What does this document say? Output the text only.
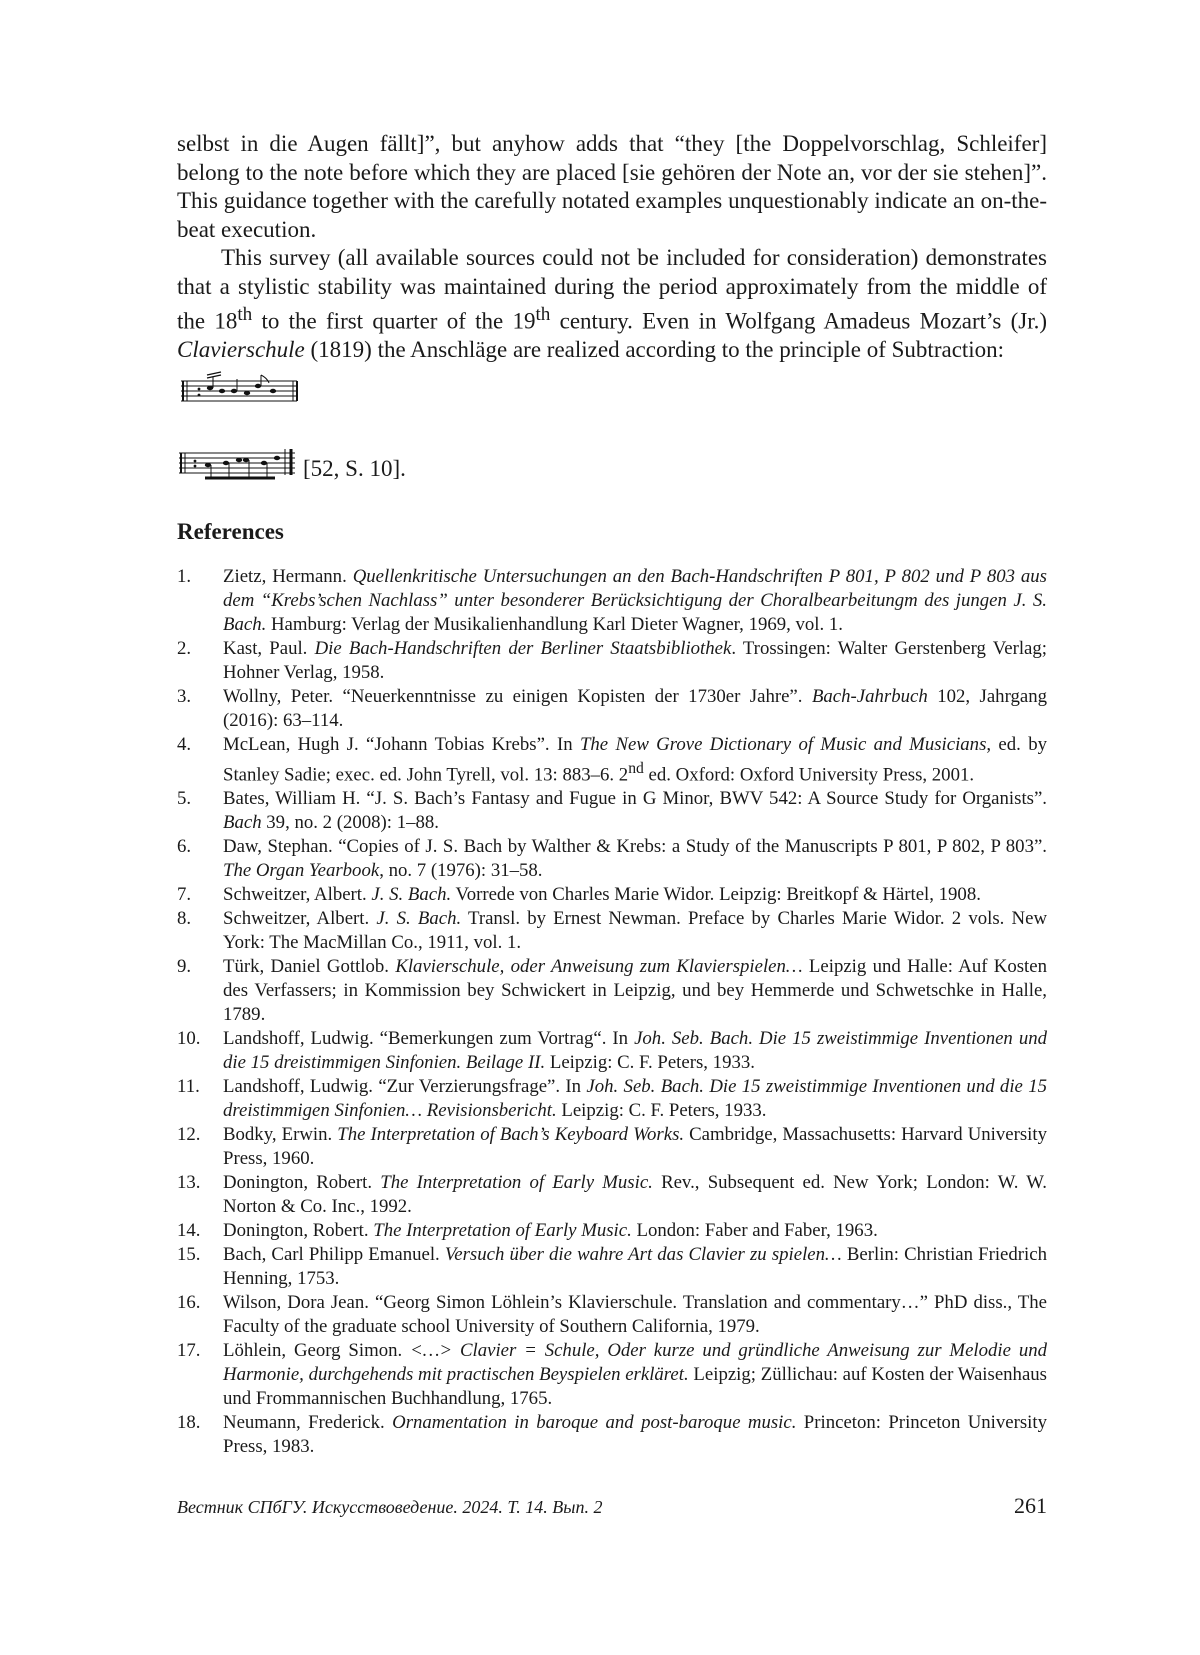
selbst in die Augen fällt]”, but anyhow adds that “they [the Doppelvorschlag, Schleifer] belong to the note before which they are placed [sie gehören der Note an, vor der sie stehen]”. This guidance together with the carefully notated examples unquestionably indicate an on-the-beat execution.

This survey (all available sources could not be included for consideration) demonstrates that a stylistic stability was maintained during the period approximately from the middle of the 18th to the first quarter of the 19th century. Even in Wolfgang Amadeus Mozart’s (Jr.) Clavierschule (1819) the Anschläge are realized according to the principle of Subtraction:

[52, S. 10].
References
1.	Zietz, Hermann. Quellenkritische Untersuchungen an den Bach-Handschriften P 801, P 802 und P 803 aus dem “Krebs’schen Nachlass” unter besonderer Berücksichtigung der Choralbearbeitungm des jungen J. S. Bach. Hamburg: Verlag der Musikalienhandlung Karl Dieter Wagner, 1969, vol. 1.
2.	Kast, Paul. Die Bach-Handschriften der Berliner Staatsbibliothek. Trossingen: Walter Gerstenberg Verlag; Hohner Verlag, 1958.
3.	Wollny, Peter. “Neuerkenntnisse zu einigen Kopisten der 1730er Jahre”. Bach-Jahrbuch 102, Jahrgang (2016): 63–114.
4.	McLean, Hugh J. “Johann Tobias Krebs”. In The New Grove Dictionary of Music and Musicians, ed. by Stanley Sadie; exec. ed. John Tyrell, vol. 13: 883–6. 2nd ed. Oxford: Oxford University Press, 2001.
5.	Bates, William H. “J. S. Bach’s Fantasy and Fugue in G Minor, BWV 542: A Source Study for Organists”. Bach 39, no. 2 (2008): 1–88.
6.	Daw, Stephan. “Copies of J. S. Bach by Walther & Krebs: a Study of the Manuscripts P 801, P 802, P 803”. The Organ Yearbook, no. 7 (1976): 31–58.
7.	Schweitzer, Albert. J. S. Bach. Vorrede von Charles Marie Widor. Leipzig: Breitkopf & Härtel, 1908.
8.	Schweitzer, Albert. J. S. Bach. Transl. by Ernest Newman. Preface by Charles Marie Widor. 2 vols. New York: The MacMillan Co., 1911, vol. 1.
9.	Türk, Daniel Gottlob. Klavierschule, oder Anweisung zum Klavierspielen… Leipzig und Halle: Auf Kosten des Verfassers; in Kommission bey Schwickert in Leipzig, und bey Hemmerde und Schwetschke in Halle, 1789.
10.	Landshoff, Ludwig. “Bemerkungen zum Vortrag“. In Joh. Seb. Bach. Die 15 zweistimmige Inventionen und die 15 dreistimmigen Sinfonien. Beilage II. Leipzig: C. F. Peters, 1933.
11.	Landshoff, Ludwig. “Zur Verzierungsfrage”. In Joh. Seb. Bach. Die 15 zweistimmige Inventionen und die 15 dreistimmigen Sinfonien… Revisionsbericht. Leipzig: C. F. Peters, 1933.
12.	Bodky, Erwin. The Interpretation of Bach’s Keyboard Works. Cambridge, Massachusetts: Harvard University Press, 1960.
13.	Donington, Robert. The Interpretation of Early Music. Rev., Subsequent ed. New York; London: W. W. Norton & Co. Inc., 1992.
14.	Donington, Robert. The Interpretation of Early Music. London: Faber and Faber, 1963.
15.	Bach, Carl Philipp Emanuel. Versuch über die wahre Art das Clavier zu spielen… Berlin: Christian Friedrich Henning, 1753.
16.	Wilson, Dora Jean. “Georg Simon Löhlein’s Klavierschule. Translation and commentary…” PhD diss., The Faculty of the graduate school University of Southern California, 1979.
17.	Löhlein, Georg Simon. <…> Clavier = Schule, Oder kurze und gründliche Anweisung zur Melodie und Harmonie, durchgehends mit practischen Beyspielen erkläret. Leipzig; Züllichau: auf Kosten der Waisenhaus und Frommannischen Buchhandlung, 1765.
18.	Neumann, Frederick. Ornamentation in baroque and post-baroque music. Princeton: Princeton University Press, 1983.
Вестник СПбГУ. Искусствоведение. 2024. Т. 14. Вып. 2	261
